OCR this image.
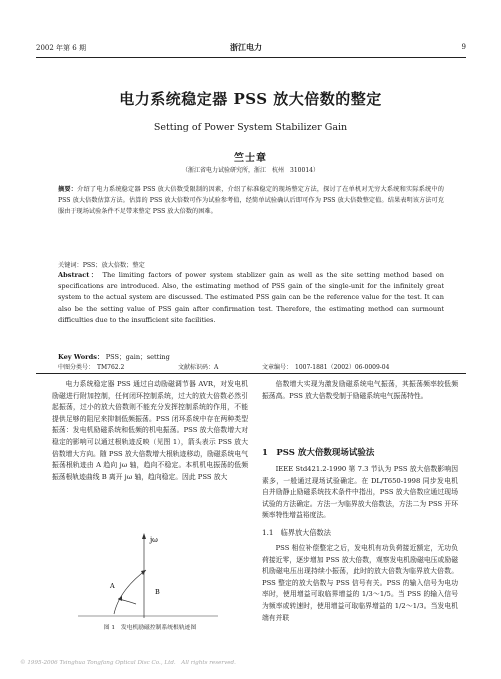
2002 年第 6 期	浙江电力	9
电力系统稳定器 PSS 放大倍数的整定
Setting of Power System Stabilizer Gain
竺士章
（浙江省电力试验研究所，浙江　杭州　310014）
摘要：介绍了电力系统稳定器 PSS 放大倍数受限制的因素，介绍了标准稳定的现场整定方法，探讨了在单机对无穷大系统和实际系统中的 PSS 放大倍数估算方法。估算的 PSS 放大倍数可作为试验参考值，经简单试验确认后即可作为 PSS 放大倍数整定值。结果表明该方法可克服由于现场试验条件不足带来整定 PSS 放大倍数的困难。
关键词：PSS；放大倍数；整定
Abstract： The limiting factors of power system stablizer gain as well as the site setting method based on specifications are introduced. Also, the estimating method of PSS gain of the single-unit for the infinitely great system to the actual system are discussed. The estimated PSS gain can be the reference value for the test. It can also be the setting value of PSS gain after confirmation test. Therefore, the estimating method can surmount difficulties due to the insufficient site facilities.
Key Words： PSS；gain；setting
中图分类号：　TM762.2	文献标识码：A	文章编号：　1007-1881（2002）06-0009-04
电力系统稳定器 PSS 通过自动励磁调节器 AVR，对发电机励磁进行附加控制，任何闭环控制系统，过大的放大倍数必然引起振荡，过小的放大倍数则不能充分发挥控制系统的作用，不能提供足够的阻尼来抑制低频振荡。PSS 闭环系统中存在两种类型振荡：发电机励磁系统和低频的机电振荡。PSS 放大倍数增大对稳定的影响可以通过根轨迹反映（见图 1），箭头表示 PSS 放大倍数增大方向。随 PSS 放大倍数增大根轨迹移动，励磁系统电气振荡根轨迹由 A 趋向 jω 轴，趋向不稳定。本机机电振荡的低频振荡根轨迹曲线 B 离开 jω 轴，趋向稳定。因此 PSS 放大
jω
A
B
图 1　发电机励磁控制系统根轨迹图
倍数增大实现为激发励磁系统电气振荡，其振荡频率较低频振荡高。PSS 放大倍数受制于励磁系统电气振荡特性。
1　PSS 放大倍数现场试验法
IEEE Std421.2-1990 第 7.3 节认为 PSS 放大倍数影响因素多，一般通过现场试验确定。在 DL/T650-1998 同步发电机自并励静止励磁系统技术条件中指出，PSS 放大倍数应通过现场试验的方法确定。方法一为临界放大倍数法，方法二为 PSS 开环频率特性增益裕度法。
1.1　临界放大倍数法
PSS 相位补偿整定之后，发电机有功负荷接近额定，无功负荷接近零，逐步增加 PSS 放大倍数，观察发电机励磁电压或励磁机励磁电压出现持续小振荡，此时的放大倍数为临界放大倍数。PSS 整定的放大倍数与 PSS 信号有关。PSS 的输入信号为电功率时，使用增益可取临界增益的 1/3～1/5。当 PSS 的输入信号为频率或转速时，使用增益可取临界增益的 1/2～1/3。当发电机端有并联
© 1995-2006 Tsinghua Tongfang Optical Disc Co., Ltd.　All rights reserved.
